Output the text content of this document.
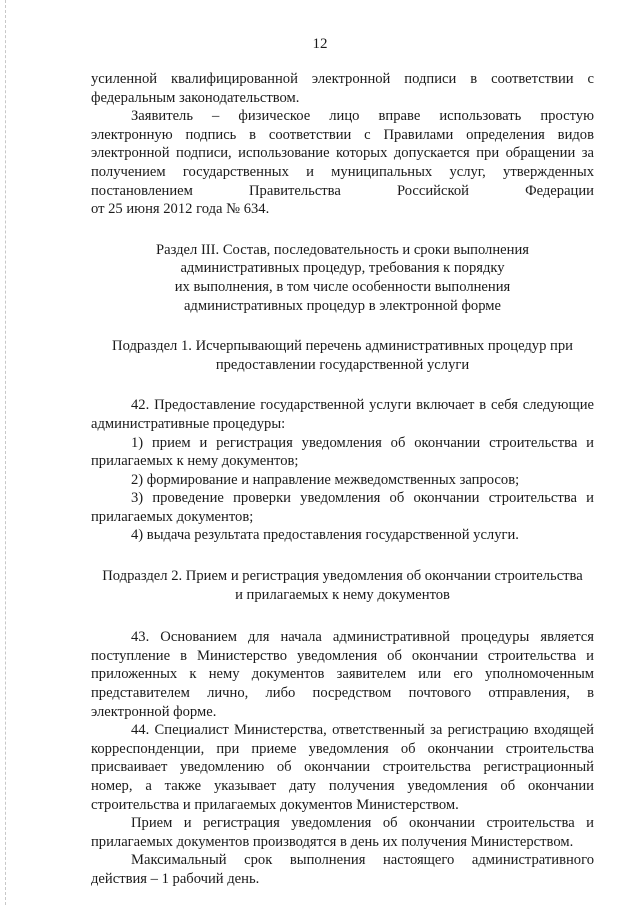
12

усиленной квалифицированной электронной подписи в соответствии с
федеральным законодательством.

Заявитель – физическое лицо вправе использовать простую
электронную подпись в соответствии с Правилами определения видов
электронной подписи, использование которых допускается при обращении за
получением государственных и муниципальных услуг, утвержденных
постановлением Правительства Российской Федерации
от 25 июня 2012 года № 634.

Раздел III. Состав, последовательность и сроки выполнения
административных процедур, требования к порядку
их выполнения, в том числе особенности выполнения
административных процедур в электронной форме
Подраздел 1. Исчерпывающий перечень административных процедур при
предоставлении государственной услуги

42. Предоставление государственной услуги включает в себя следующие
административные процедуры:

1) прием и регистрация уведомления об окончании строительства и
прилагаемых к нему документов;

2) формирование и направление межведомственных запросов;

3) проведение проверки уведомления об окончании строительства и
прилагаемых документов;

4) выдача результата предоставления государственной услуги.

Подраздел 2. Прием и регистрация уведомления об окончании строительства
и прилагаемых к нему документов

43. Основанием для начала административной процедуры является
поступление в Министерство уведомления об окончании строительства и
приложенных к нему документов заявителем или его уполномоченным
представителем лично, либо посредством почтового отправления, в
электронной форме.

44. Специалист Министерства, ответственный за регистрацию входящей
корреспонденции, при приеме уведомления об окончании строительства
присваивает уведомлению об окончании строительства регистрационный
номер, а также указывает дату получения уведомления об окончании
строительства и прилагаемых документов Министерством.

Прием и регистрация уведомления об окончании строительства и
прилагаемых документов производятся в день их получения Министерством.

Максимальный срок выполнения настоящего административного
действия – 1 рабочий день.
